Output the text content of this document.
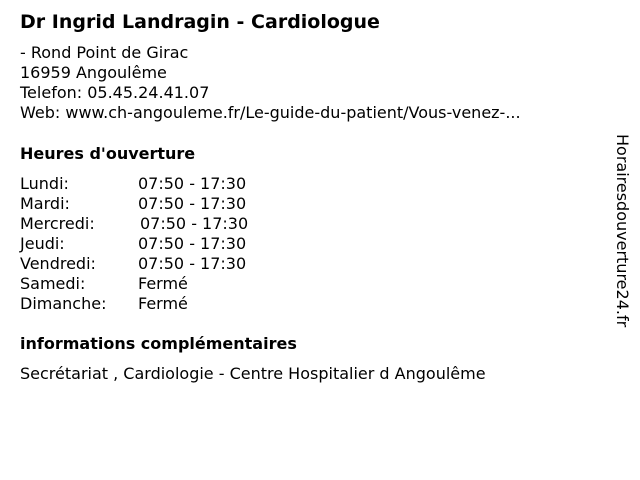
Dr Ingrid Landragin - Cardiologue
- Rond Point de Girac
16959 Angoulême
Telefon: 05.45.24.41.07
Web: www.ch-angouleme.fr/Le-guide-du-patient/Vous-venez-...
Heures d'ouverture
Lundi:	07:50 - 17:30
Mardi:	07:50 - 17:30
Mercredi:	07:50 - 17:30
Jeudi:	07:50 - 17:30
Vendredi:	07:50 - 17:30
Samedi:	Fermé
Dimanche: Fermé
informations complémentaires
Secrétariat , Cardiologie - Centre Hospitalier d Angoulême
Horairesdouverture24.fr
